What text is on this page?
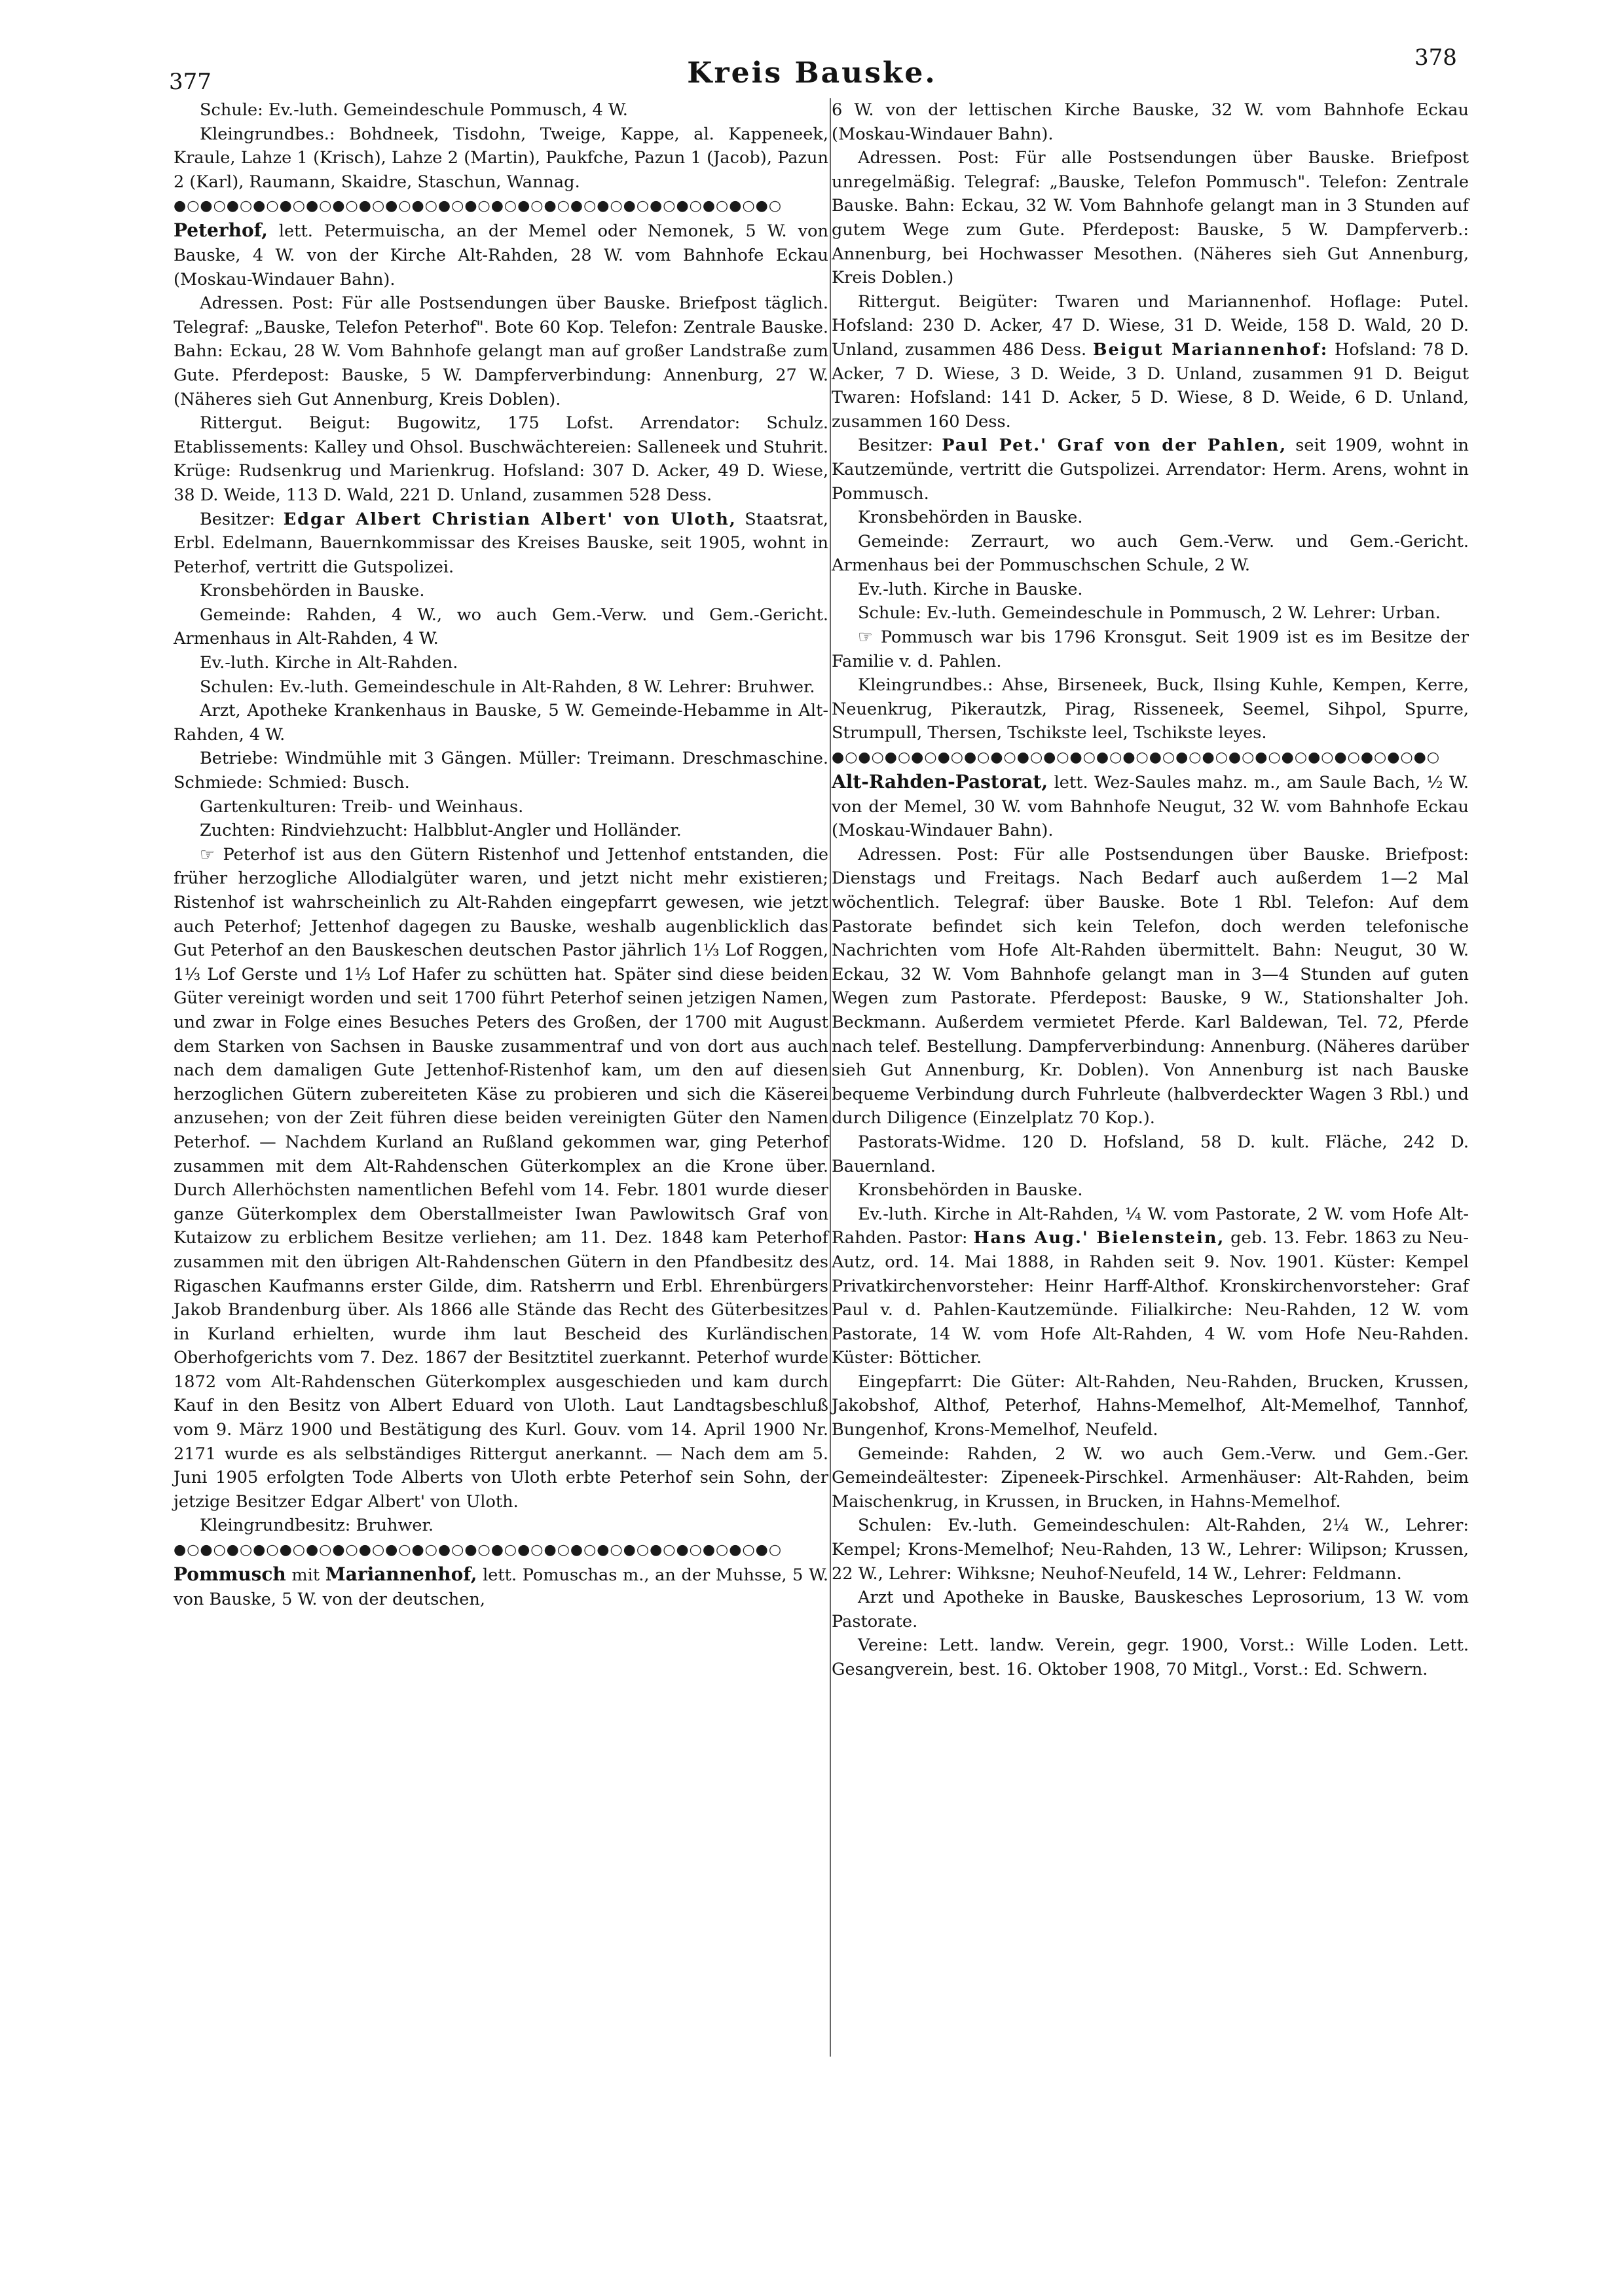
377	Kreis Bauske.	378

Schule: Ev.-luth. Gemeindeschule Pommusch, 4 W.

Kleingrundbes.: Bohdneek, Tisdohn, Tweige, Kappe, al. Kappeneek, Kraule, Lahze 1 (Krisch), Lahze 2 (Martin), Paukfche, Pazun 1 (Jacob), Pazun 2 (Karl), Raumann, Skaidre, Staschun, Wannag.

●○●○●○●○●○●○●○●○●○●○●○●○●○●○●○●○●○●○●○●○●○●○●○

Peterhof, lett. Petermuischa, an der Memel oder Nemonek, 5 W. von Bauske, 4 W. von der Kirche Alt-Rahden, 28 W. vom Bahnhofe Eckau (Moskau-Windauer Bahn).

Adressen. Post: Für alle Postsendungen über Bauske. Briefpost täglich. Telegraf: „Bauske, Telefon Peterhof". Bote 60 Kop. Telefon: Zentrale Bauske. Bahn: Eckau, 28 W. Vom Bahnhofe gelangt man auf großer Landstraße zum Gute. Pferdepost: Bauske, 5 W. Dampferverbindung: Annenburg, 27 W. (Näheres sieh Gut Annenburg, Kreis Doblen).

Rittergut. Beigut: Bugowitz, 175 Lofst. Arrendator: Schulz. Etablissements: Kalley und Ohsol. Buschwächtereien: Salleneek und Stuhrit. Krüge: Rudsenkrug und Marienkrug. Hofsland: 307 D. Acker, 49 D. Wiese, 38 D. Weide, 113 D. Wald, 221 D. Unland, zusammen 528 Dess.

Besitzer: Edgar Albert Christian Albert' von Uloth, Staatsrat, Erbl. Edelmann, Bauernkommissar des Kreises Bauske, seit 1905, wohnt in Peterhof, vertritt die Gutspolizei.

Kronsbehörden in Bauske.

Gemeinde: Rahden, 4 W., wo auch Gem.-Verw. und Gem.-Gericht. Armenhaus in Alt-Rahden, 4 W.

Ev.-luth. Kirche in Alt-Rahden.

Schulen: Ev.-luth. Gemeindeschule in Alt-Rahden, 8 W. Lehrer: Bruhwer.

Arzt, Apotheke Krankenhaus in Bauske, 5 W. Gemeinde-Hebamme in Alt-Rahden, 4 W.

Betriebe: Windmühle mit 3 Gängen. Müller: Treimann. Dreschmaschine. Schmiede: Schmied: Busch.

Gartenkulturen: Treib- und Weinhaus.

Zuchten: Rindviehzucht: Halbblut-Angler und Holländer.

☞ Peterhof ist aus den Gütern Ristenhof und Jettenhof entstanden, die früher herzogliche Allodialgüter waren, und jetzt nicht mehr existieren; Ristenhof ist wahrscheinlich zu Alt-Rahden eingepfarrt gewesen, wie jetzt auch Peterhof; Jettenhof dagegen zu Bauske, weshalb augenblicklich das Gut Peterhof an den Bauskeschen deutschen Pastor jährlich 1⅓ Lof Roggen, 1⅓ Lof Gerste und 1⅓ Lof Hafer zu schütten hat. Später sind diese beiden Güter vereinigt worden und seit 1700 führt Peterhof seinen jetzigen Namen, und zwar in Folge eines Besuches Peters des Großen, der 1700 mit August dem Starken von Sachsen in Bauske zusammentraf und von dort aus auch nach dem damaligen Gute Jettenhof-Ristenhof kam, um den auf diesen herzoglichen Gütern zubereiteten Käse zu probieren und sich die Käserei anzusehen; von der Zeit führen diese beiden vereinigten Güter den Namen Peterhof. — Nachdem Kurland an Rußland gekommen war, ging Peterhof zusammen mit dem Alt-Rahdenschen Güterkomplex an die Krone über. Durch Allerhöchsten namentlichen Befehl vom 14. Febr. 1801 wurde dieser ganze Güterkomplex dem Oberstallmeister Iwan Pawlowitsch Graf von Kutaizow zu erblichem Besitze verliehen; am 11. Dez. 1848 kam Peterhof zusammen mit den übrigen Alt-Rahdenschen Gütern in den Pfandbesitz des Rigaschen Kaufmanns erster Gilde, dim. Ratsherrn und Erbl. Ehrenbürgers Jakob Brandenburg über. Als 1866 alle Stände das Recht des Güterbesitzes in Kurland erhielten, wurde ihm laut Bescheid des Kurländischen Oberhofgerichts vom 7. Dez. 1867 der Besitztitel zuerkannt. Peterhof wurde 1872 vom Alt-Rahdenschen Güterkomplex ausgeschieden und kam durch Kauf in den Besitz von Albert Eduard von Uloth. Laut Landtagsbeschluß vom 9. März 1900 und Bestätigung des Kurl. Gouv. vom 14. April 1900 Nr. 2171 wurde es als selbständiges Rittergut anerkannt. — Nach dem am 5. Juni 1905 erfolgten Tode Alberts von Uloth erbte Peterhof sein Sohn, der jetzige Besitzer Edgar Albert' von Uloth.

Kleingrundbesitz: Bruhwer.

●○●○●○●○●○●○●○●○●○●○●○●○●○●○●○●○●○●○●○●○●○●○●○

Pommusch mit Mariannenhof, lett. Pomuschas m., an der Muhsse, 5 W. von Bauske, 5 W. von der deutschen,

6 W. von der lettischen Kirche Bauske, 32 W. vom Bahnhofe Eckau (Moskau-Windauer Bahn).

Adressen. Post: Für alle Postsendungen über Bauske. Briefpost unregelmäßig. Telegraf: „Bauske, Telefon Pommusch". Telefon: Zentrale Bauske. Bahn: Eckau, 32 W. Vom Bahnhofe gelangt man in 3 Stunden auf gutem Wege zum Gute. Pferdepost: Bauske, 5 W. Dampferverb.: Annenburg, bei Hochwasser Mesothen. (Näheres sieh Gut Annenburg, Kreis Doblen.)

Rittergut. Beigüter: Twaren und Mariannenhof. Hoflage: Putel. Hofsland: 230 D. Acker, 47 D. Wiese, 31 D. Weide, 158 D. Wald, 20 D. Unland, zusammen 486 Dess. Beigut Mariannenhof: Hofsland: 78 D. Acker, 7 D. Wiese, 3 D. Weide, 3 D. Unland, zusammen 91 D. Beigut Twaren: Hofsland: 141 D. Acker, 5 D. Wiese, 8 D. Weide, 6 D. Unland, zusammen 160 Dess.

Besitzer: Paul Pet.' Graf von der Pahlen, seit 1909, wohnt in Kautzemünde, vertritt die Gutspolizei. Arrendator: Herm. Arens, wohnt in Pommusch.

Kronsbehörden in Bauske.

Gemeinde: Zerraurt, wo auch Gem.-Verw. und Gem.-Gericht. Armenhaus bei der Pommuschschen Schule, 2 W.

Ev.-luth. Kirche in Bauske.

Schule: Ev.-luth. Gemeindeschule in Pommusch, 2 W. Lehrer: Urban.

☞ Pommusch war bis 1796 Kronsgut. Seit 1909 ist es im Besitze der Familie v. d. Pahlen.

Kleingrundbes.: Ahse, Birseneek, Buck, Ilsing Kuhle, Kempen, Kerre, Neuenkrug, Pikerautzk, Pirag, Risseneek, Seemel, Sihpol, Spurre, Strumpull, Thersen, Tschikste leel, Tschikste leyes.

●○●○●○●○●○●○●○●○●○●○●○●○●○●○●○●○●○●○●○●○●○●○●○

Alt-Rahden-Pastorat, lett. Wez-Saules mahz. m., am Saule Bach, ½ W. von der Memel, 30 W. vom Bahnhofe Neugut, 32 W. vom Bahnhofe Eckau (Moskau-Windauer Bahn).

Adressen. Post: Für alle Postsendungen über Bauske. Briefpost: Dienstags und Freitags. Nach Bedarf auch außerdem 1—2 Mal wöchentlich. Telegraf: über Bauske. Bote 1 Rbl. Telefon: Auf dem Pastorate befindet sich kein Telefon, doch werden telefonische Nachrichten vom Hofe Alt-Rahden übermittelt. Bahn: Neugut, 30 W. Eckau, 32 W. Vom Bahnhofe gelangt man in 3—4 Stunden auf guten Wegen zum Pastorate. Pferdepost: Bauske, 9 W., Stationshalter Joh. Beckmann. Außerdem vermietet Pferde. Karl Baldewan, Tel. 72, Pferde nach telef. Bestellung. Dampferverbindung: Annenburg. (Näheres darüber sieh Gut Annenburg, Kr. Doblen). Von Annenburg ist nach Bauske bequeme Verbindung durch Fuhrleute (halbverdeckter Wagen 3 Rbl.) und durch Diligence (Einzelplatz 70 Kop.).

Pastorats-Widme. 120 D. Hofsland, 58 D. kult. Fläche, 242 D. Bauernland.

Kronsbehörden in Bauske.

Ev.-luth. Kirche in Alt-Rahden, ¼ W. vom Pastorate, 2 W. vom Hofe Alt-Rahden. Pastor: Hans Aug.' Bielenstein, geb. 13. Febr. 1863 zu Neu-Autz, ord. 14. Mai 1888, in Rahden seit 9. Nov. 1901. Küster: Kempel Privatkirchenvorsteher: Heinr Harff-Althof. Kronskirchenvorsteher: Graf Paul v. d. Pahlen-Kautzemünde. Filialkirche: Neu-Rahden, 12 W. vom Pastorate, 14 W. vom Hofe Alt-Rahden, 4 W. vom Hofe Neu-Rahden. Küster: Bötticher.

Eingepfarrt: Die Güter: Alt-Rahden, Neu-Rahden, Brucken, Krussen, Jakobshof, Althof, Peterhof, Hahns-Memelhof, Alt-Memelhof, Tannhof, Bungenhof, Krons-Memelhof, Neufeld.

Gemeinde: Rahden, 2 W. wo auch Gem.-Verw. und Gem.-Ger. Gemeindeältester: Zipeneek-Pirschkel. Armenhäuser: Alt-Rahden, beim Maischenkrug, in Krussen, in Brucken, in Hahns-Memelhof.

Schulen: Ev.-luth. Gemeindeschulen: Alt-Rahden, 2¼ W., Lehrer: Kempel; Krons-Memelhof; Neu-Rahden, 13 W., Lehrer: Wilipson; Krussen, 22 W., Lehrer: Wihksne; Neuhof-Neufeld, 14 W., Lehrer: Feldmann.

Arzt und Apotheke in Bauske, Bauskesches Leprosorium, 13 W. vom Pastorate.

Vereine: Lett. landw. Verein, gegr. 1900, Vorst.: Wille Loden. Lett. Gesangverein, best. 16. Oktober 1908, 70 Mitgl., Vorst.: Ed. Schwern.
